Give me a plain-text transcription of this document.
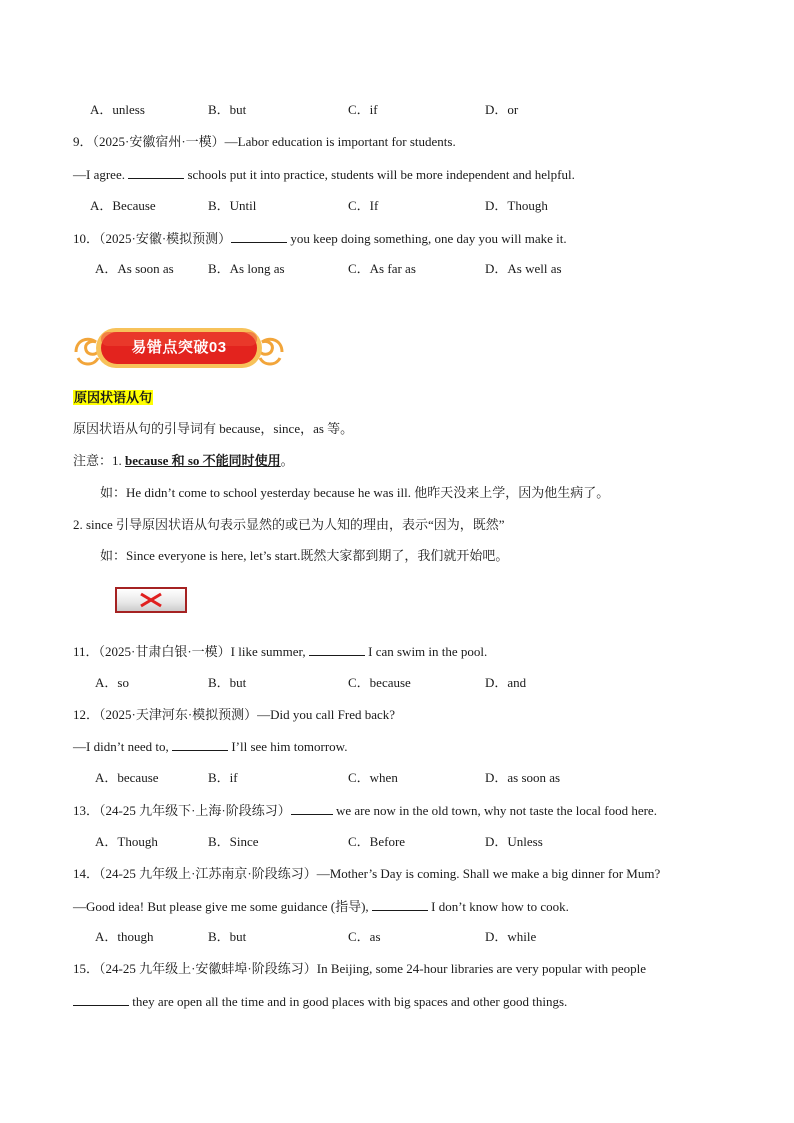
A．unless	B．but	C．if	D．or
9．（2025·安徽宿州·一模）—Labor education is important for students.
—I agree.	schools put it into practice, students will be more independent and helpful.
A．Because	B．Until	C．If	D．Though
10．（2025·安徽·模拟预测）	you keep doing something, one day you will make it.
A．As soon as	B．As long as	C．As far as	D．As well as
易错点突破03
原因状语从句
原因状语从句的引导词有 because，since，as 等。
注意：1. because 和 so 不能同时使用。
如：He didn’t come to school yesterday because he was ill. 他昨天没来上学，因为他生病了。
2. since 引导原因状语从句表示显然的或已为人知的理由，表示“因为，既然”
如：Since everyone is here, let’s start.既然大家都到期了，我们就开始吧。
11．（2025·甘肃白银·一模）I like summer,	I can swim in the pool.
A．so	B．but	C．because	D．and
12．（2025·天津河东·模拟预测）—Did you call Fred back?
—I didn’t need to,	I’ll see him tomorrow.
A．because	B．if	C．when	D．as soon as
13．（24-25 九年级下·上海·阶段练习）	we are now in the old town, why not taste the local food here.
A．Though	B．Since	C．Before	D．Unless
14．（24-25 九年级上·江苏南京·阶段练习）—Mother’s Day is coming. Shall we make a big dinner for Mum?
—Good idea! But please give me some guidance (指导),	I don’t know how to cook.
A．though	B．but	C．as	D．while
15．（24-25 九年级上·安徽蚌埠·阶段练习）In Beijing, some 24-hour libraries are very popular with people
they are open all the time and in good places with big spaces and other good things.
